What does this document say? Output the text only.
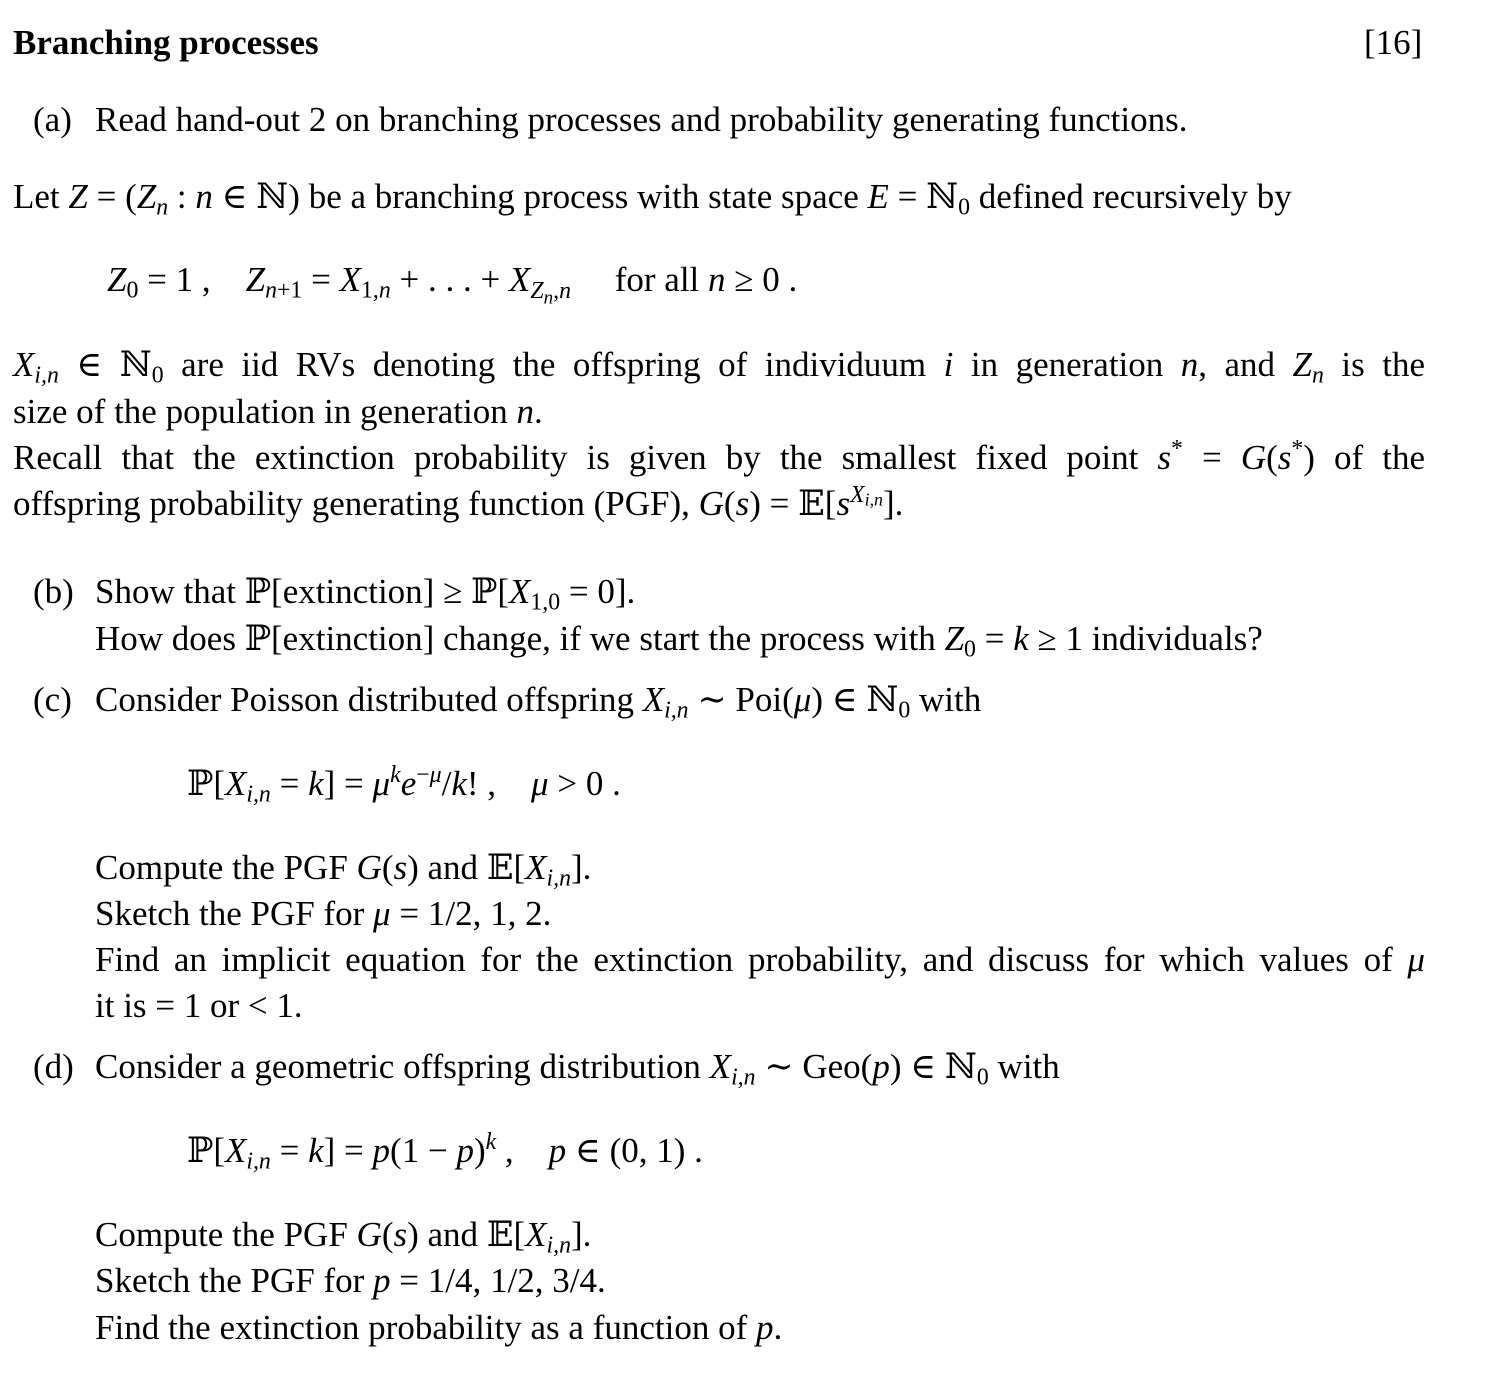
Branching processes	[16]
(a) Read hand-out 2 on branching processes and probability generating functions.
Let $Z = (Z_n$ : n ∈ ℕ) be a branching process with state space E = ℕ$_0$ defined recursively by
$Z_0 = 1$ ,    $Z_{n+1} = X_{1,n}$ + . . . + $X_{Z_n,n}$ for all n ≥ 0 .
$X_{i,n}$ ∈ ℕ$_0$ are iid RVs denoting the offspring of individuum i in generation n, and $Z_n$ is the
size of the population in generation n.
Recall that the extinction probability is given by the smallest fixed point s* = G(s*) of the
offspring probability generating function (PGF), $G(s) = 𝔼[s^{X_{i,n}}]$.
(b) Show that ℙ[extinction] ≥ $ℙ[X_{1,0} = 0]$.
How does ℙ[extinction] change, if we start the process with $Z_0 = k \ge 1$ individuals?
(c) Consider Poisson distributed offspring $X_{i,n}$ ∼ Poi(μ) ∈ ℕ$_0$ with
$ℙ[X_{i,n} = k] = \mu^ke^{-\mu}/k$! ,    μ > 0 .
Compute the PGF G(s) and $𝔼[X_{i,n}]$.
Sketch the PGF for μ = 1/2, 1, 2.
Find an implicit equation for the extinction probability, and discuss for which values of μ
it is = 1 or < 1.
(d) Consider a geometric offspring distribution $X_{i,n}$ ∼ Geo(p) ∈ ℕ$_0$ with
$ℙ[X_{i,n} = k] = p(1 - p)^k$ ,    p ∈ (0, 1) .
Compute the PGF G(s) and $𝔼[X_{i,n}]$.
Sketch the PGF for p = 1/4, 1/2, 3/4.
Find the extinction probability as a function of p.
